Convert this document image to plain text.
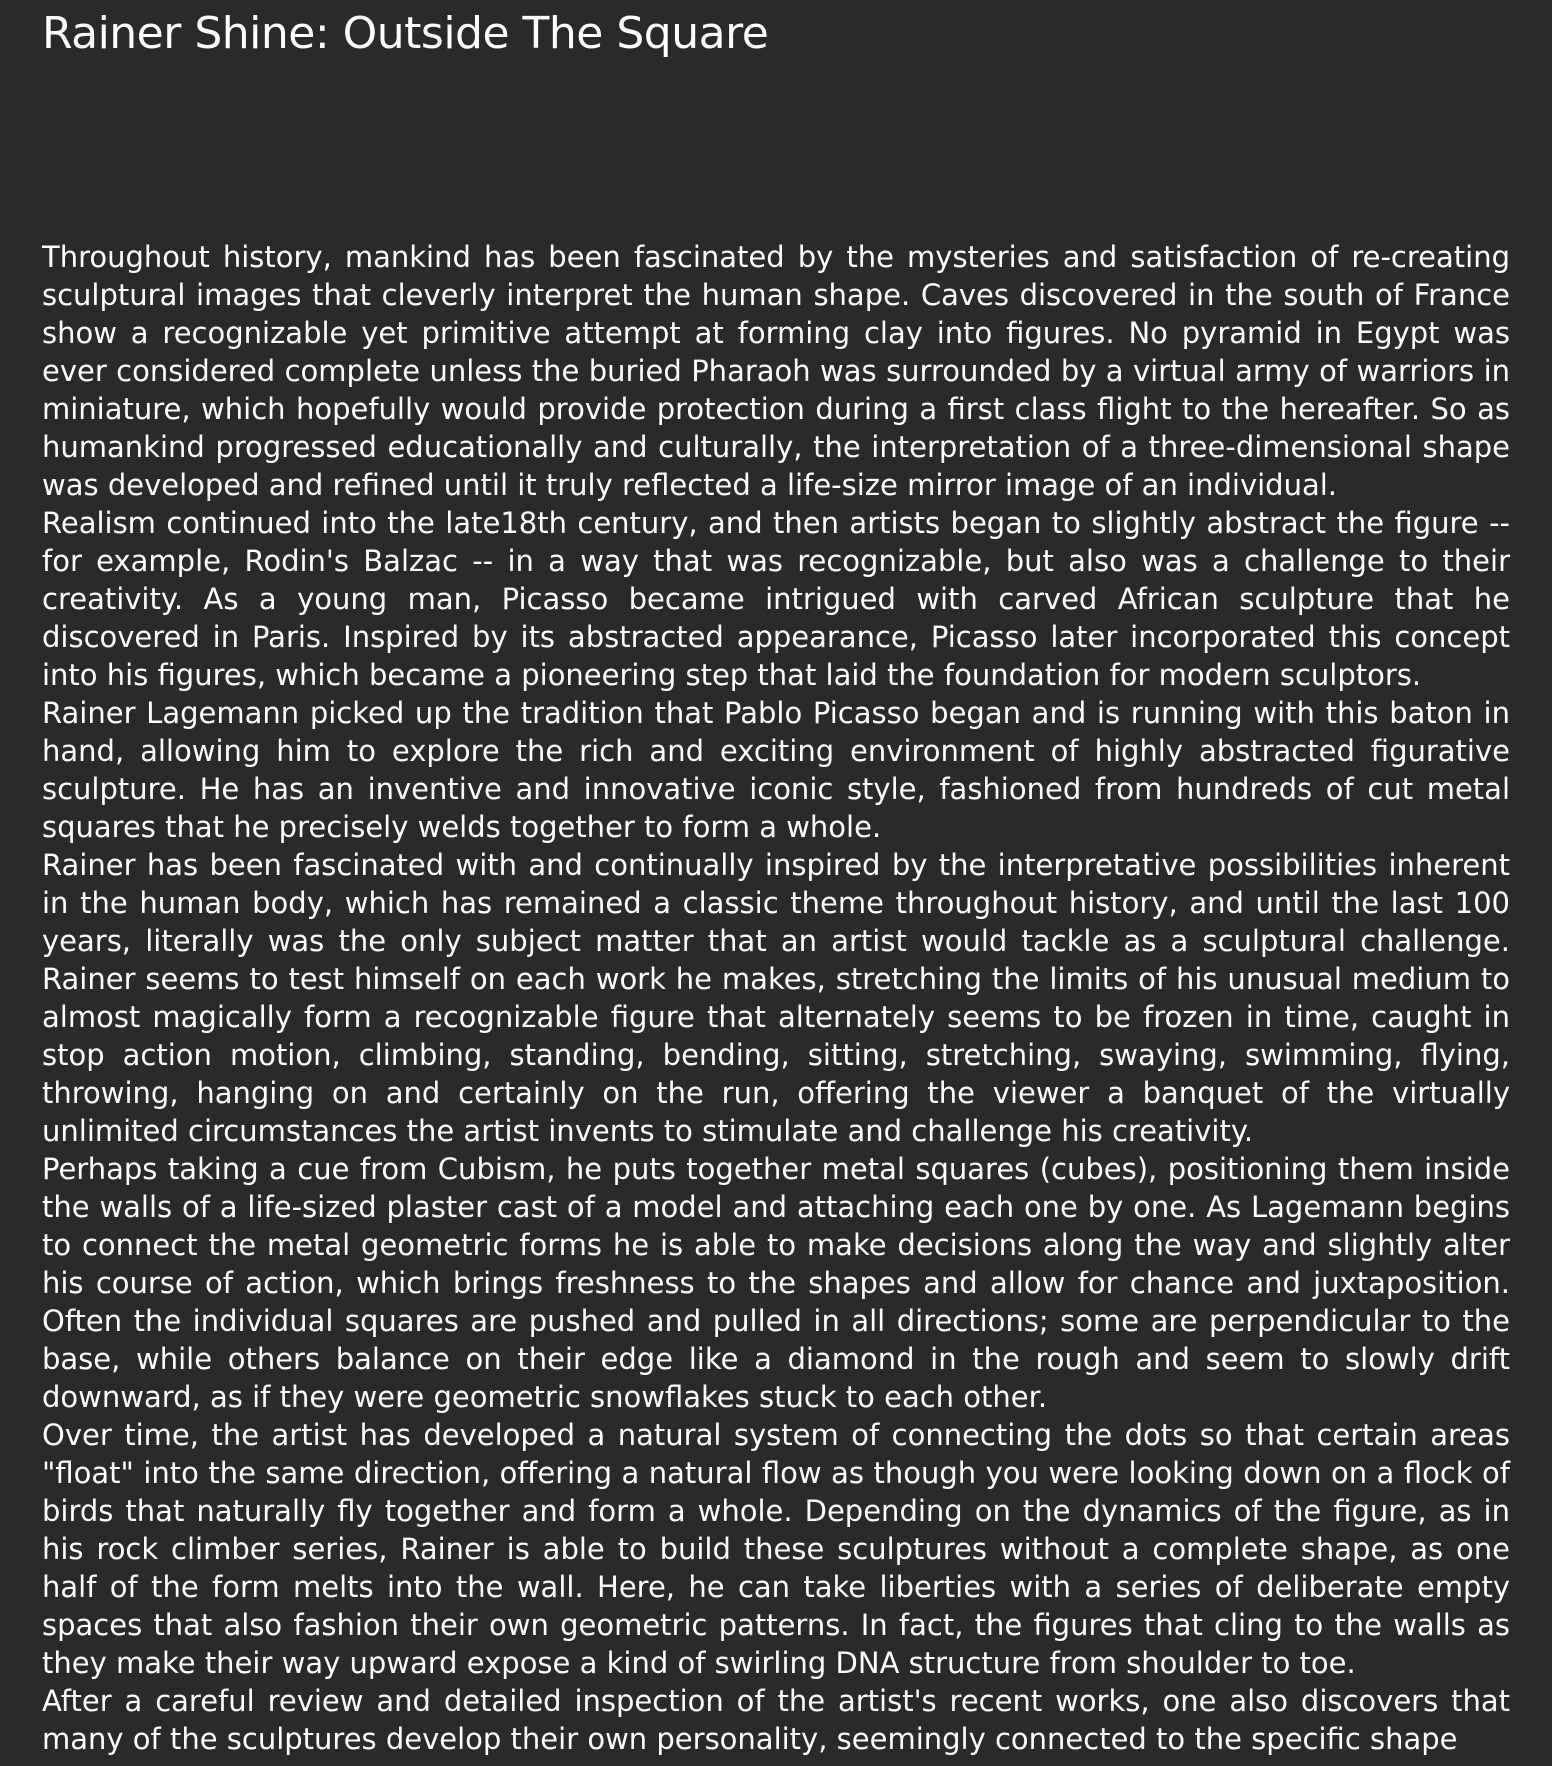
Rainer Shine: Outside The Square

Throughout history, mankind has been fascinated by the mysteries and satisfaction of re-creating sculptural images that cleverly interpret the human shape. Caves discovered in the south of France show a recognizable yet primitive attempt at forming clay into figures. No pyramid in Egypt was ever considered complete unless the buried Pharaoh was surrounded by a virtual army of warriors in miniature, which hopefully would provide protection during a first class flight to the hereafter. So as humankind progressed educationally and culturally, the interpretation of a three-dimensional shape was developed and refined until it truly reflected a life-size mirror image of an individual.

Realism continued into the late18th century, and then artists began to slightly abstract the figure -- for example, Rodin's Balzac -- in a way that was recognizable, but also was a challenge to their creativity. As a young man, Picasso became intrigued with carved African sculpture that he discovered in Paris. Inspired by its abstracted appearance, Picasso later incorporated this concept into his figures, which became a pioneering step that laid the foundation for modern sculptors.

Rainer Lagemann picked up the tradition that Pablo Picasso began and is running with this baton in hand, allowing him to explore the rich and exciting environment of highly abstracted figurative sculpture. He has an inventive and innovative iconic style, fashioned from hundreds of cut metal squares that he precisely welds together to form a whole.

Rainer has been fascinated with and continually inspired by the interpretative possibilities inherent in the human body, which has remained a classic theme throughout history, and until the last 100 years, literally was the only subject matter that an artist would tackle as a sculptural challenge. Rainer seems to test himself on each work he makes, stretching the limits of his unusual medium to almost magically form a recognizable figure that alternately seems to be frozen in time, caught in stop action motion, climbing, standing, bending, sitting, stretching, swaying, swimming, flying, throwing, hanging on and certainly on the run, offering the viewer a banquet of the virtually unlimited circumstances the artist invents to stimulate and challenge his creativity.

Perhaps taking a cue from Cubism, he puts together metal squares (cubes), positioning them inside the walls of a life-sized plaster cast of a model and attaching each one by one. As Lagemann begins to connect the metal geometric forms he is able to make decisions along the way and slightly alter his course of action, which brings freshness to the shapes and allow for chance and juxtaposition. Often the individual squares are pushed and pulled in all directions; some are perpendicular to the base, while others balance on their edge like a diamond in the rough and seem to slowly drift downward, as if they were geometric snowflakes stuck to each other.

Over time, the artist has developed a natural system of connecting the dots so that certain areas "float" into the same direction, offering a natural flow as though you were looking down on a flock of birds that naturally fly together and form a whole. Depending on the dynamics of the figure, as in his rock climber series, Rainer is able to build these sculptures without a complete shape, as one half of the form melts into the wall. Here, he can take liberties with a series of deliberate empty spaces that also fashion their own geometric patterns. In fact, the figures that cling to the walls as they make their way upward expose a kind of swirling DNA structure from shoulder to toe.

After a careful review and detailed inspection of the artist's recent works, one also discovers that many of the sculptures develop their own personality, seemingly connected to the specific shape
